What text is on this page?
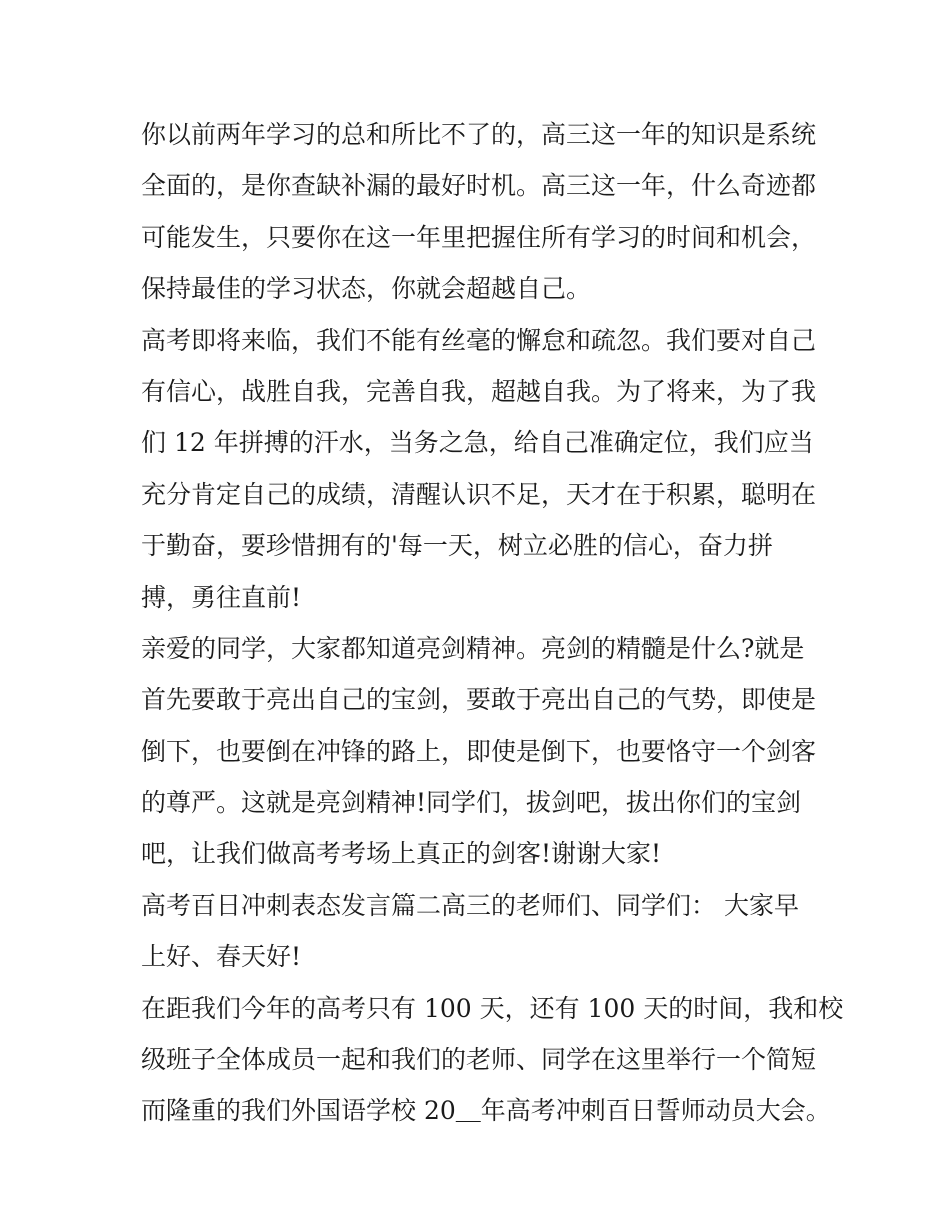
你以前两年学习的总和所比不了的，高三这一年的知识是系统
全面的，是你查缺补漏的最好时机。高三这一年，什么奇迹都
可能发生，只要你在这一年里把握住所有学习的时间和机会，
保持最佳的学习状态，你就会超越自己。
高考即将来临，我们不能有丝毫的懈怠和疏忽。我们要对自己
有信心，战胜自我，完善自我，超越自我。为了将来，为了我
们 12 年拼搏的汗水，当务之急，给自己准确定位，我们应当
充分肯定自己的成绩，清醒认识不足，天才在于积累，聪明在
于勤奋，要珍惜拥有的'每一天，树立必胜的信心，奋力拼
搏，勇往直前!
亲爱的同学，大家都知道亮剑精神。亮剑的精髓是什么?就是
首先要敢于亮出自己的宝剑，要敢于亮出自己的气势，即使是
倒下，也要倒在冲锋的路上，即使是倒下，也要恪守一个剑客
的尊严。这就是亮剑精神!同学们，拔剑吧，拔出你们的宝剑
吧，让我们做高考考场上真正的剑客!谢谢大家!
高考百日冲刺表态发言篇二高三的老师们、同学们： 大家早
上好、春天好!
在距我们今年的高考只有 100 天，还有 100 天的时间，我和校
级班子全体成员一起和我们的老师、同学在这里举行一个简短
而隆重的我们外国语学校 20＿年高考冲刺百日誓师动员大会。
